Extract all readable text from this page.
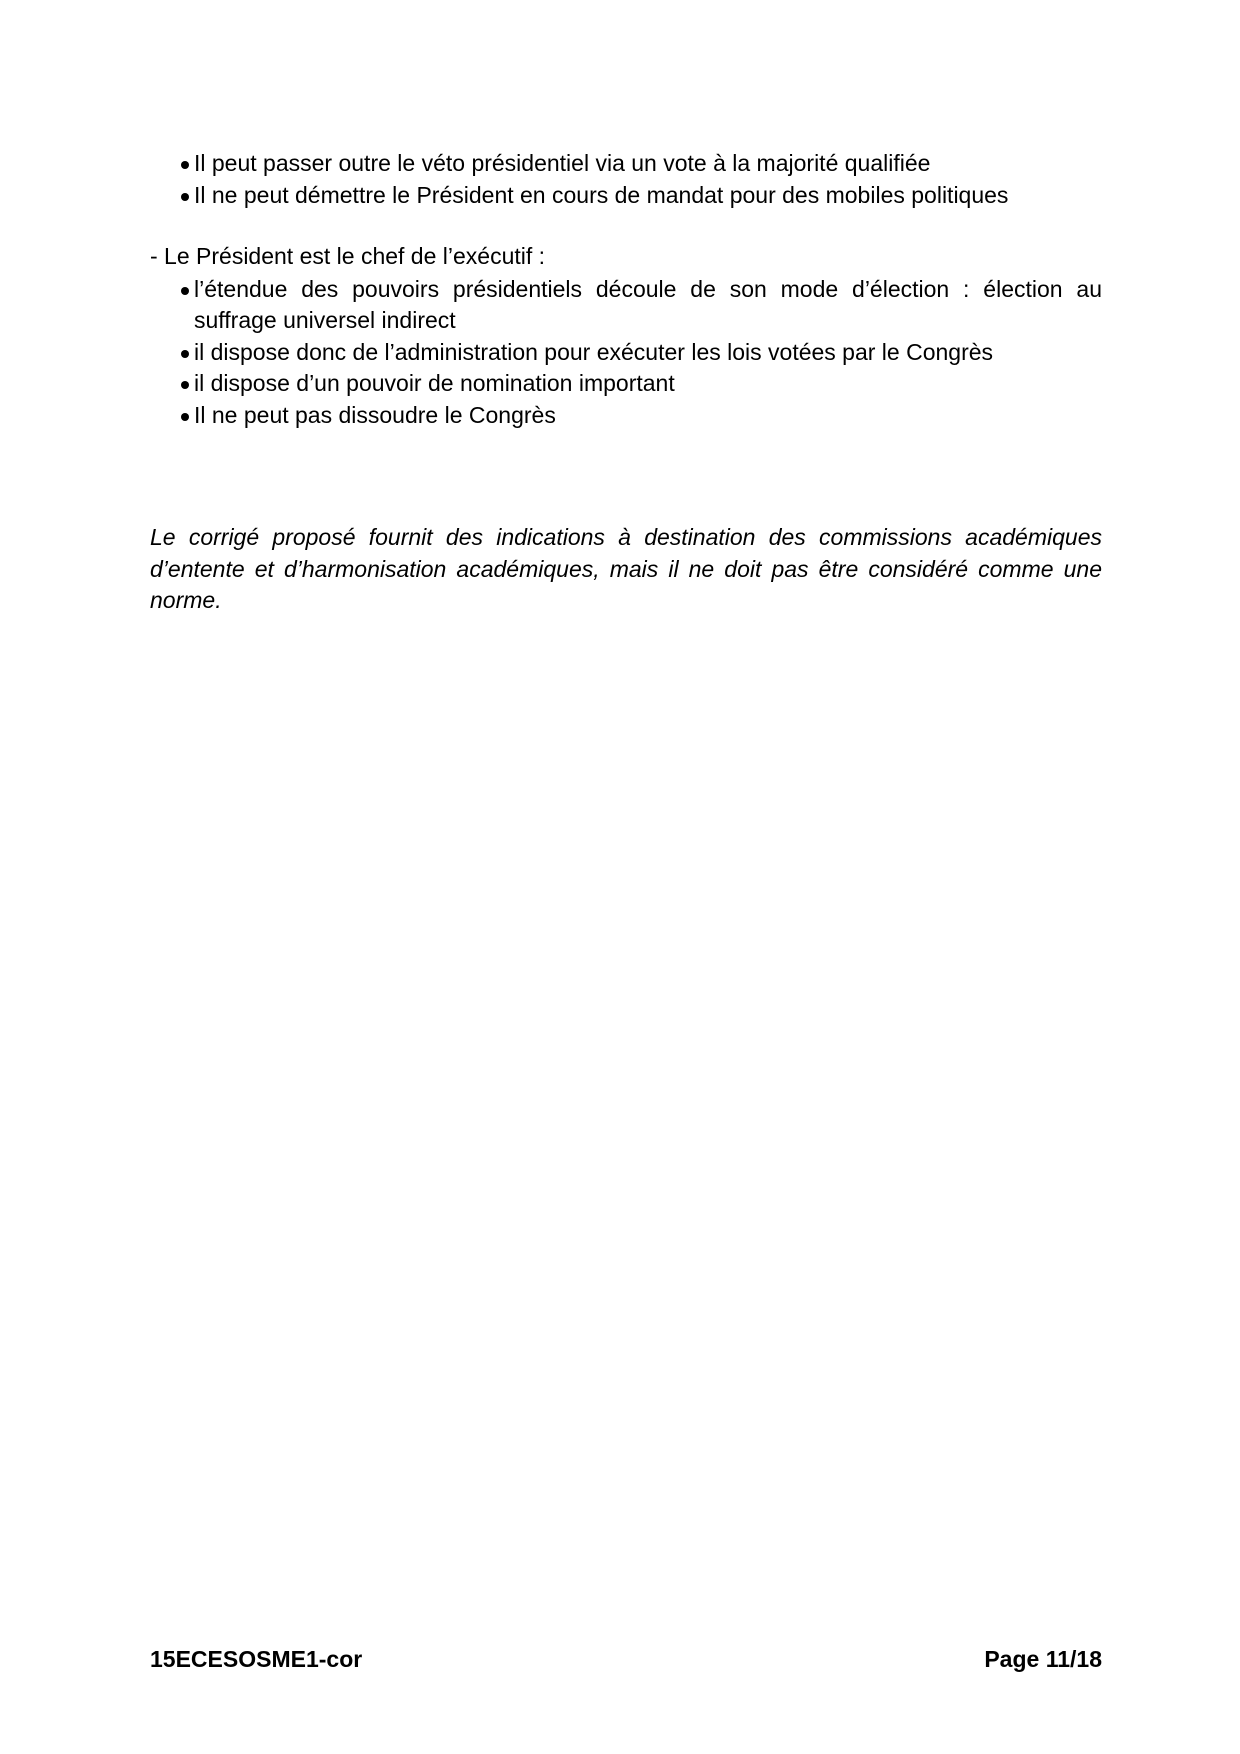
Il peut passer outre le véto présidentiel via un vote à la majorité qualifiée
Il ne peut démettre le Président en cours de mandat pour des mobiles politiques

- Le Président est le chef de l’exécutif :

l’étendue des pouvoirs présidentiels découle de son mode d’élection : élection au suffrage universel indirect
il dispose donc de l’administration pour exécuter les lois votées par le Congrès
il dispose d’un pouvoir de nomination important
Il ne peut pas dissoudre le Congrès

Le corrigé proposé fournit des indications à destination des commissions académiques d’entente et d’harmonisation académiques, mais il ne doit pas être considéré comme une norme.

15ECESOSME1-cor	Page 11/18
